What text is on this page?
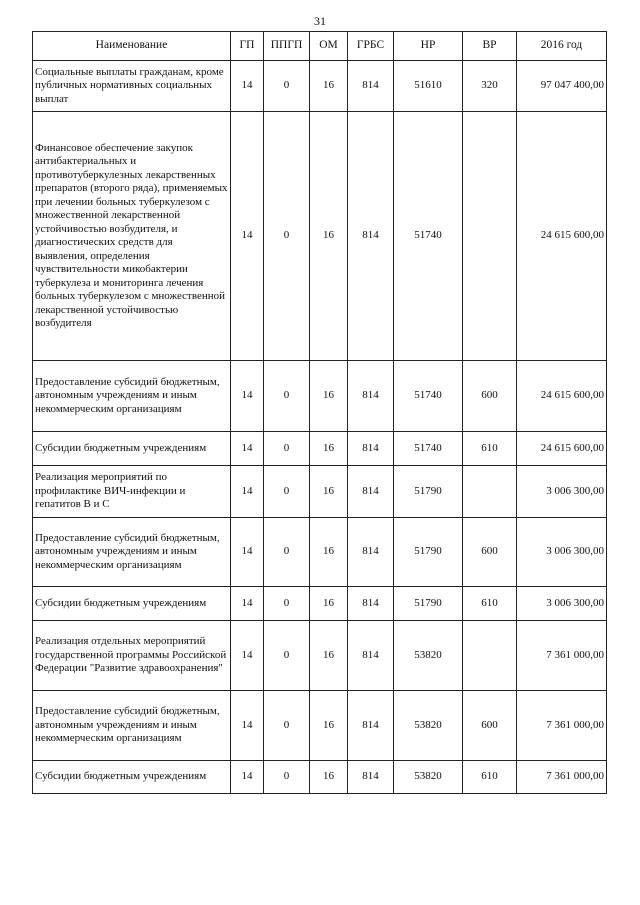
31
Наименование	ГП	ППГП	ОМ	ГРБС	НР	ВР	2016 год
Социальные выплаты гражданам, кроме публичных нормативных социальных выплат	14	0	16	814	51610	320	97 047 400,00
Финансовое обеспечение закупок антибактериальных и противотуберкулезных лекарственных препаратов (второго ряда), применяемых при лечении больных туберкулезом с множественной лекарственной устойчивостью возбудителя, и диагностических средств для выявления, определения чувствительности микобактерии туберкулеза и мониторинга лечения больных туберкулезом с множественной лекарственной устойчивостью возбудителя	14	0	16	814	51740		24 615 600,00
Предоставление субсидий бюджетным, автономным учреждениям и иным некоммерческим организациям	14	0	16	814	51740	600	24 615 600,00
Субсидии бюджетным учреждениям	14	0	16	814	51740	610	24 615 600,00
Реализация мероприятий по профилактике ВИЧ-инфекции и гепатитов В и С	14	0	16	814	51790		3 006 300,00
Предоставление субсидий бюджетным, автономным учреждениям и иным некоммерческим организациям	14	0	16	814	51790	600	3 006 300,00
Субсидии бюджетным учреждениям	14	0	16	814	51790	610	3 006 300,00
Реализация отдельных мероприятий государственной программы Российской Федерации "Развитие здравоохранения"	14	0	16	814	53820		7 361 000,00
Предоставление субсидий бюджетным, автономным учреждениям и иным некоммерческим организациям	14	0	16	814	53820	600	7 361 000,00
Субсидии бюджетным учреждениям	14	0	16	814	53820	610	7 361 000,00
